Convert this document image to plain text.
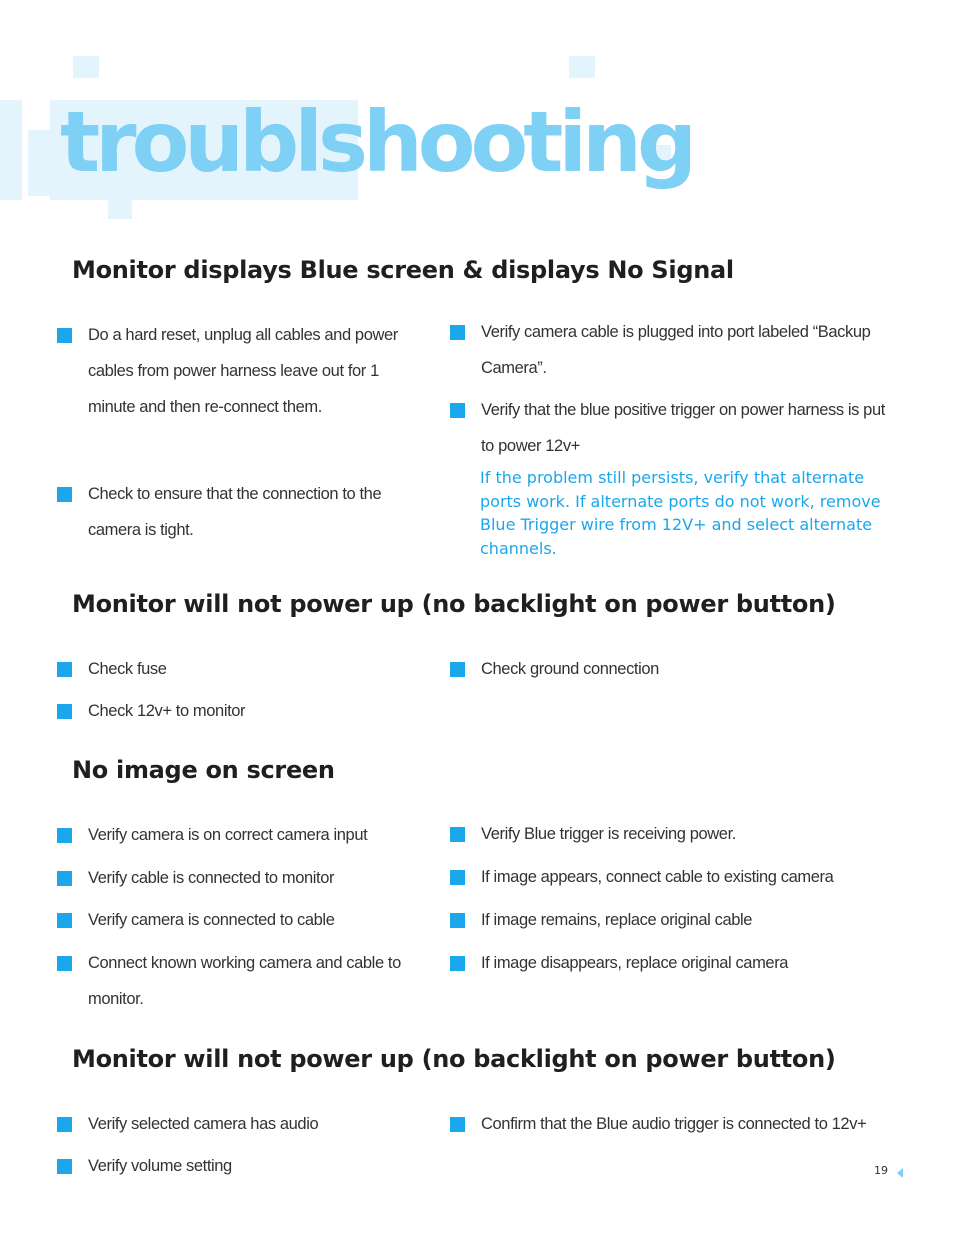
troublshooting
Monitor displays Blue screen & displays No Signal
Do a hard reset, unplug all cables and power cables from power harness leave out for 1 minute and then re-connect them.
Check to ensure that the connection to the camera is tight.
Verify camera cable is plugged into port labeled “Backup Camera”.
Verify that the blue positive trigger on power harness is put to power 12v+
If the problem still persists, verify that alternate ports work. If alternate ports do not work, remove Blue Trigger wire from 12V+ and select alternate channels.
Monitor will not power up (no backlight on power button)
Check fuse
Check 12v+ to monitor
Check ground connection
No image on screen
Verify camera is on correct camera input
Verify cable is connected to monitor
Verify camera is connected to cable
Connect known working camera and cable to monitor.
Verify Blue trigger is receiving power.
If image appears, connect cable to existing camera
If image remains, replace original cable
If image disappears, replace original camera
Monitor will not power up (no backlight on power button)
Verify selected camera has audio
Verify volume setting
Confirm that the Blue audio trigger is connected to 12v+
19
